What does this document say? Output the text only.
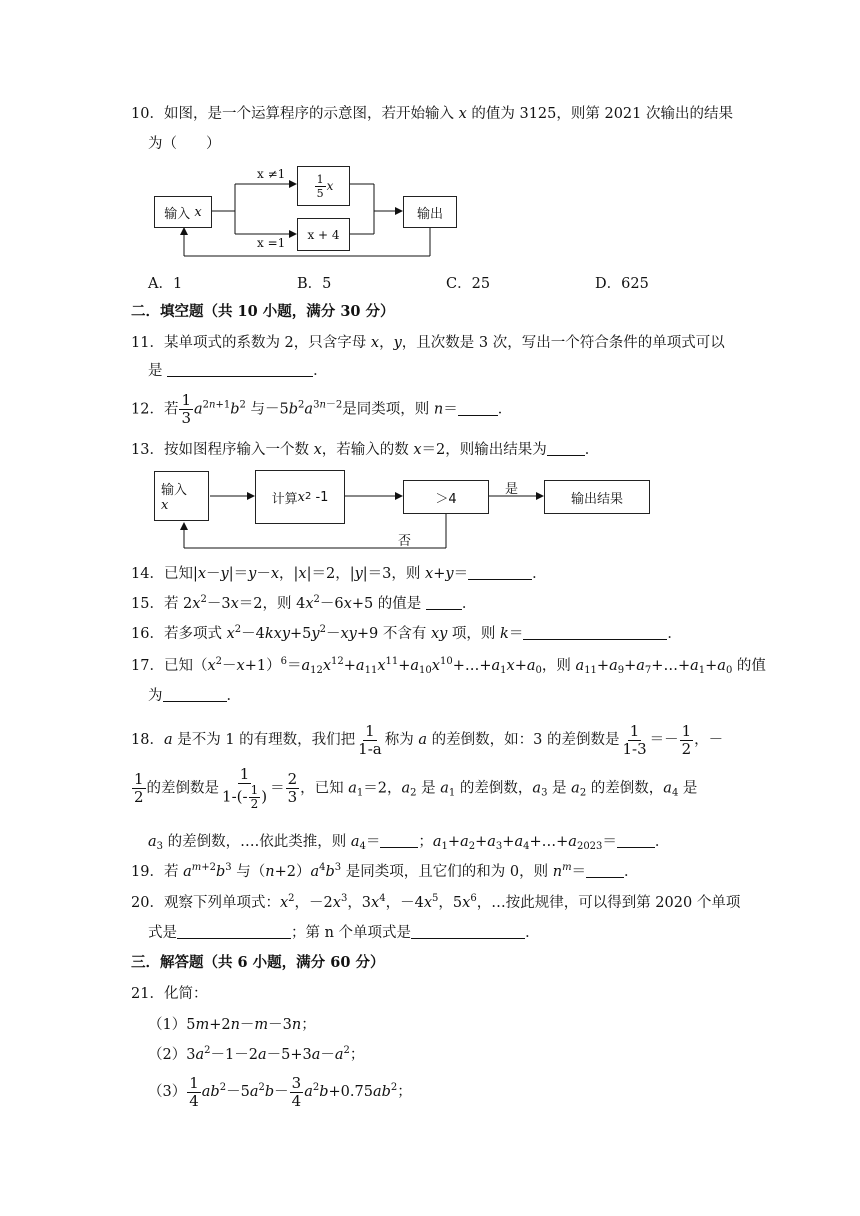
10．如图，是一个运算程序的示意图，若开始输入 x 的值为 3125，则第 2021 次输出的结果
为（　　）
输入 x
x ≠1
x =1
$\frac{1}{5}$ x
x + 4
输出
A．1	B．5	C．25	D．625
二．填空题（共 10 小题，满分 30 分）
11．某单项式的系数为 2，只含字母 x，y，且次数是 3 次，写出一个符合条件的单项式可以
是	．
12．若 $\frac{1}{3} a^{2n+1}b^2$ 与$-5b^2a^{3n-2}$是同类项，则 n＝	．
13．按如图程序输入一个数 x，若输入的数 x＝2，则输出结果为	．
输入
x	计算 x 2
-1	＞4
是
输出结果
否
14．已知|x－y|＝y－x，|x|＝2，|y|＝3，则 x+y＝	．
15．若 $2x^2-3x=2$，则 $4x^2-6x+5$ 的值是 ．
16．若多项式 $x^2-4kxy+5y^2-xy+9$ 不含有 xy 项，则 k＝	．
17．已知$(x^2-x+1)^6=a_{12}x^{12}+a_{11}x^{11}+a_{10}x^{10}+\dots+a_1x+a_0$，则 $a_{11}+a_9+a_7+\dots+a_1+a_0$ 的值
为	．
18．a 是不为 1 的有理数，我们把 $\frac{1}{1-a}$ 称为 a 的差倒数，如：3 的差倒数是 $\frac{1}{1-3} =- \frac{1}{2}$ ，－
$\frac{1}{2}$ 的差倒数是 $\frac{1}{1-(- \frac{1}{2} )} = \frac{2}{3}$ ，已知 $a_1=2$，$a_2$ 是 $a_1$ 的差倒数，$a_3$ 是 $a_2$ 的差倒数，$a_4$ 是
$a_3$ 的差倒数，….依此类推，则 $a_4=$	；$a_1+a_2+a_3+a_4+\dots+a_{2023}=$	．
19．若 $a^{m+2}b^3$ 与$(n+2)a^4b^3$ 是同类项，且它们的和为 0，则 $n^m=$	．
20．观察下列单项式：$x^2$，$-2x^3$，$3x^4$，$-4x^5$，$5x^6$，…按此规律，可以得到第 2020 个单项
式是	；第 n 个单项式是	．
三．解答题（共 6 小题，满分 60 分）
21．化简：
（1）5m+2n－m－3n；
$(2)3a^2-1-2a-5+3a-a^2$；
$(3) \frac{1}{4} ab^2-5a^2b- \frac{3}{4} a^2b+0.75ab^2$；
